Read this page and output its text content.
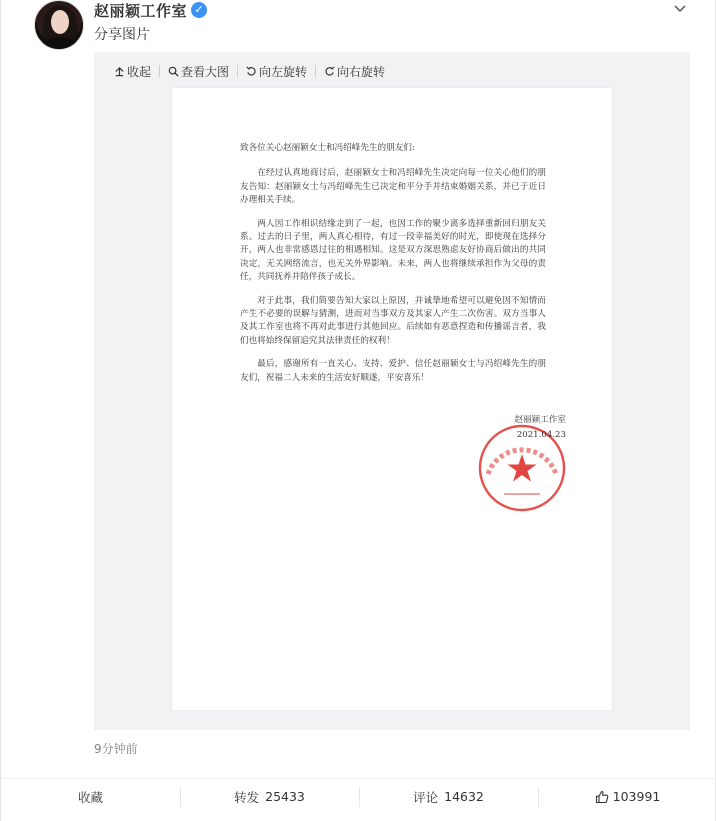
赵丽颖工作室 ✓
分享图片
收起	查看大图	向左旋转	向右旋转
致各位关心赵丽颖女士和冯绍峰先生的朋友们:

在经过认真地商讨后，赵丽颖女士和冯绍峰先生决定向每一位关心他们的朋友告知：赵丽颖女士与冯绍峰先生已决定和平分手并结束婚姻关系，并已于近日办理相关手续。

两人因工作相识结缘走到了一起，也因工作的聚少离多选择重新回归朋友关系。过去的日子里，两人真心相待，有过一段幸福美好的时光，即使现在选择分开，两人也非常感恩过往的相遇相知。这是双方深思熟虑友好协商后做出的共同决定，无关网络流言，也无关外界影响。未来，两人也将继续承担作为父母的责任，共同抚养并陪伴孩子成长。

对于此事，我们简要告知大家以上原因，并诚挚地希望可以避免因不知情而产生不必要的误解与猜测，进而对当事双方及其家人产生二次伤害。双方当事人及其工作室也将不再对此事进行其他回应。后续如有恶意捏造和传播谣言者，我们也将始终保留追究其法律责任的权利！

最后，感谢所有一直关心、支持、爱护、信任赵丽颖女士与冯绍峰先生的朋友们，祝福二人未来的生活安好顺遂，平安喜乐！

赵丽颖工作室
2021.04.23
9分钟前
收藏	转发 25433	评论 14632	103991
